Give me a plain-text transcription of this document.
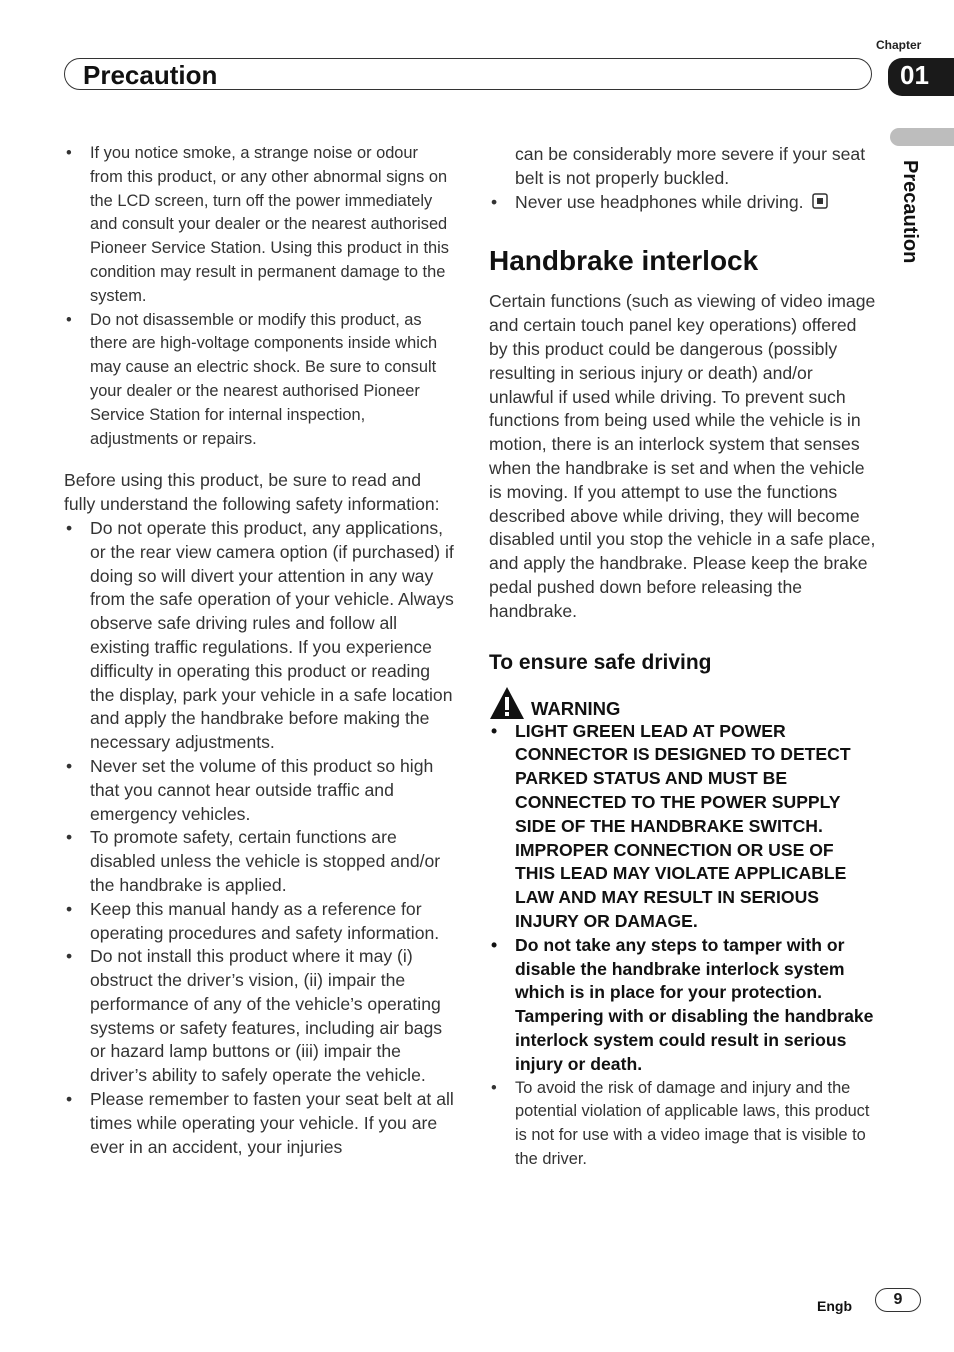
Chapter
Precaution	01
Precaution
• If you notice smoke, a strange noise or odour from this product, or any other abnormal signs on the LCD screen, turn off the power immediately and consult your dealer or the nearest authorised Pioneer Service Station. Using this product in this condition may result in permanent damage to the system.
• Do not disassemble or modify this product, as there are high-voltage components inside which may cause an electric shock. Be sure to consult your dealer or the nearest authorised Pioneer Service Station for internal inspection, adjustments or repairs.

Before using this product, be sure to read and fully understand the following safety information:

• Do not operate this product, any applications, or the rear view camera option (if purchased) if doing so will divert your attention in any way from the safe operation of your vehicle. Always observe safe driving rules and follow all existing traffic regulations. If you experience difficulty in operating this product or reading the display, park your vehicle in a safe location and apply the handbrake before making the necessary adjustments.
• Never set the volume of this product so high that you cannot hear outside traffic and emergency vehicles.
• To promote safety, certain functions are disabled unless the vehicle is stopped and/or the handbrake is applied.
• Keep this manual handy as a reference for operating procedures and safety information.
• Do not install this product where it may (i) obstruct the driver’s vision, (ii) impair the performance of any of the vehicle’s operating systems or safety features, including air bags or hazard lamp buttons or (iii) impair the driver’s ability to safely operate the vehicle.
• Please remember to fasten your seat belt at all times while operating your vehicle. If you are ever in an accident, your injuries
can be considerably more severe if your seat belt is not properly buckled.
• Never use headphones while driving.
Handbrake interlock

Certain functions (such as viewing of video image and certain touch panel key operations) offered by this product could be dangerous (possibly resulting in serious injury or death) and/or unlawful if used while driving. To prevent such functions from being used while the vehicle is in motion, there is an interlock system that senses when the handbrake is set and when the vehicle is moving. If you attempt to use the functions described above while driving, they will become disabled until you stop the vehicle in a safe place, and apply the handbrake. Please keep the brake pedal pushed down before releasing the handbrake.

To ensure safe driving
WARNING
• LIGHT GREEN LEAD AT POWER CONNECTOR IS DESIGNED TO DETECT PARKED STATUS AND MUST BE CONNECTED TO THE POWER SUPPLY SIDE OF THE HANDBRAKE SWITCH. IMPROPER CONNECTION OR USE OF THIS LEAD MAY VIOLATE APPLICABLE LAW AND MAY RESULT IN SERIOUS INJURY OR DAMAGE.
• Do not take any steps to tamper with or disable the handbrake interlock system which is in place for your protection. Tampering with or disabling the handbrake interlock system could result in serious injury or death.
• To avoid the risk of damage and injury and the potential violation of applicable laws, this product is not for use with a video image that is visible to the driver.
Engb	9
